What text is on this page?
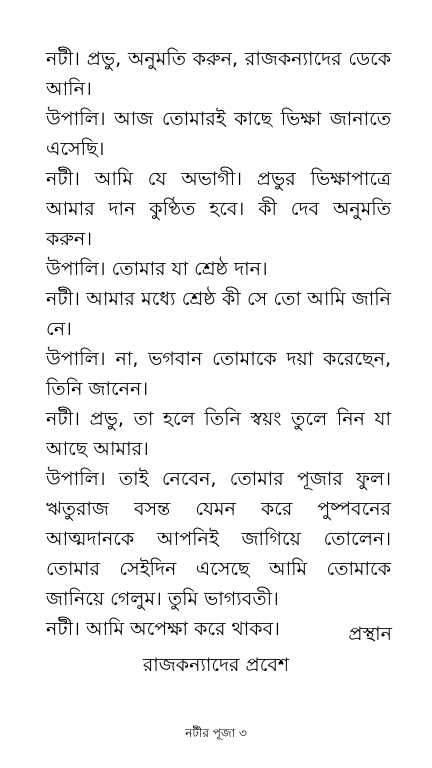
নটী। প্রভু, অনুমতি করুন, রাজকন্যাদের ডেকে আনি।

উপালি। আজ তোমারই কাছে ভিক্ষা জানাতে এসেছি।

নটী। আমি যে অভাগী। প্রভুর ভিক্ষাপাত্রে আমার দান কুণ্ঠিত হবে। কী দেব অনুমতি করুন।

উপালি। তোমার যা শ্রেষ্ঠ দান।

নটী। আমার মধ্যে শ্রেষ্ঠ কী সে তো আমি জানি নে।

উপালি। না, ভগবান তোমাকে দয়া করেছেন, তিনি জানেন।

নটী। প্রভু, তা হলে তিনি স্বয়ং তুলে নিন যা আছে আমার।

উপালি। তাই নেবেন, তোমার পূজার ফুল। ঋতুরাজ বসন্ত যেমন করে পুষ্পবনের আত্মদানকে আপনিই জাগিয়ে তোলেন। তোমার সেইদিন এসেছে আমি তোমাকে জানিয়ে গেলুম। তুমি ভাগ্যবতী।

নটী। আমি অপেক্ষা করে থাকব।	প্রস্থান
রাজকন্যাদের প্রবেশ
নটীর পূজা ৩
